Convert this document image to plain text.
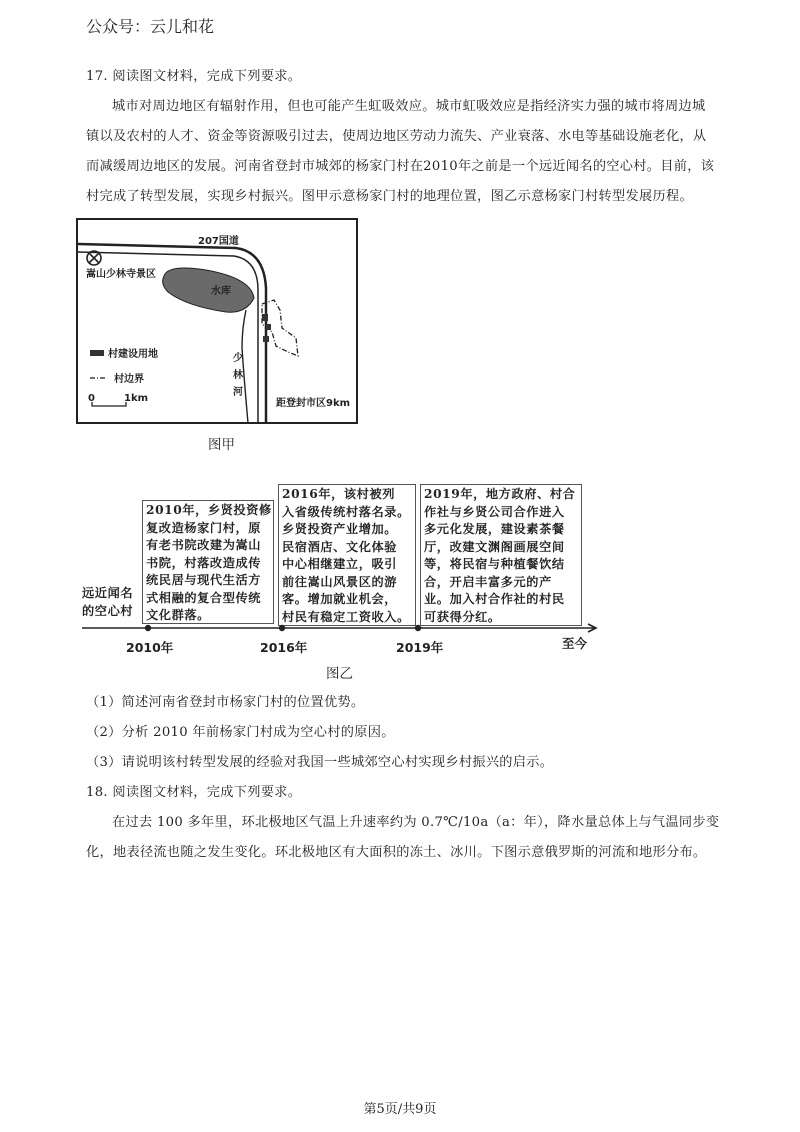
公众号：云儿和花
17. 阅读图文材料，完成下列要求。
城市对周边地区有辐射作用，但也可能产生虹吸效应。城市虹吸效应是指经济实力强的城市将周边城
镇以及农村的人才、资金等资源吸引过去，使周边地区劳动力流失、产业衰落、水电等基础设施老化，从
而减缓周边地区的发展。河南省登封市城郊的杨家门村在2010年之前是一个远近闻名的空心村。目前，该
村完成了转型发展，实现乡村振兴。图甲示意杨家门村的地理位置，图乙示意杨家门村转型发展历程。
207国道
嵩山少林寺景区
水库
少
林
河
村建设用地
村边界
0	1km	距登封市区9km
图甲
远近闻名
的空心村
2010年，乡贤投资修
复改造杨家门村，原
有老书院改建为嵩山
书院，村落改造成传
统民居与现代生活方
式相融的复合型传统
文化群落。
2016年，该村被列
入省级传统村落名录。
乡贤投资产业增加。
民宿酒店、文化体验
中心相继建立，吸引
前往嵩山风景区的游
客。增加就业机会，
村民有稳定工资收入。
2019年，地方政府、村合
作社与乡贤公司合作进入
多元化发展，建设素茶餐
厅，改建文渊阁画展空间
等，将民宿与种植餐饮结
合，开启丰富多元的产
业。加入村合作社的村民
可获得分红。
2010年	2016年	2019年	至今
图乙
（1）简述河南省登封市杨家门村的位置优势。
（2）分析 2010 年前杨家门村成为空心村的原因。
（3）请说明该村转型发展的经验对我国一些城郊空心村实现乡村振兴的启示。
18. 阅读图文材料，完成下列要求。
在过去 100 多年里，环北极地区气温上升速率约为 0.7℃/10a（a：年），降水量总体上与气温同步变
化，地表径流也随之发生变化。环北极地区有大面积的冻土、冰川。下图示意俄罗斯的河流和地形分布。
第5页/共9页
